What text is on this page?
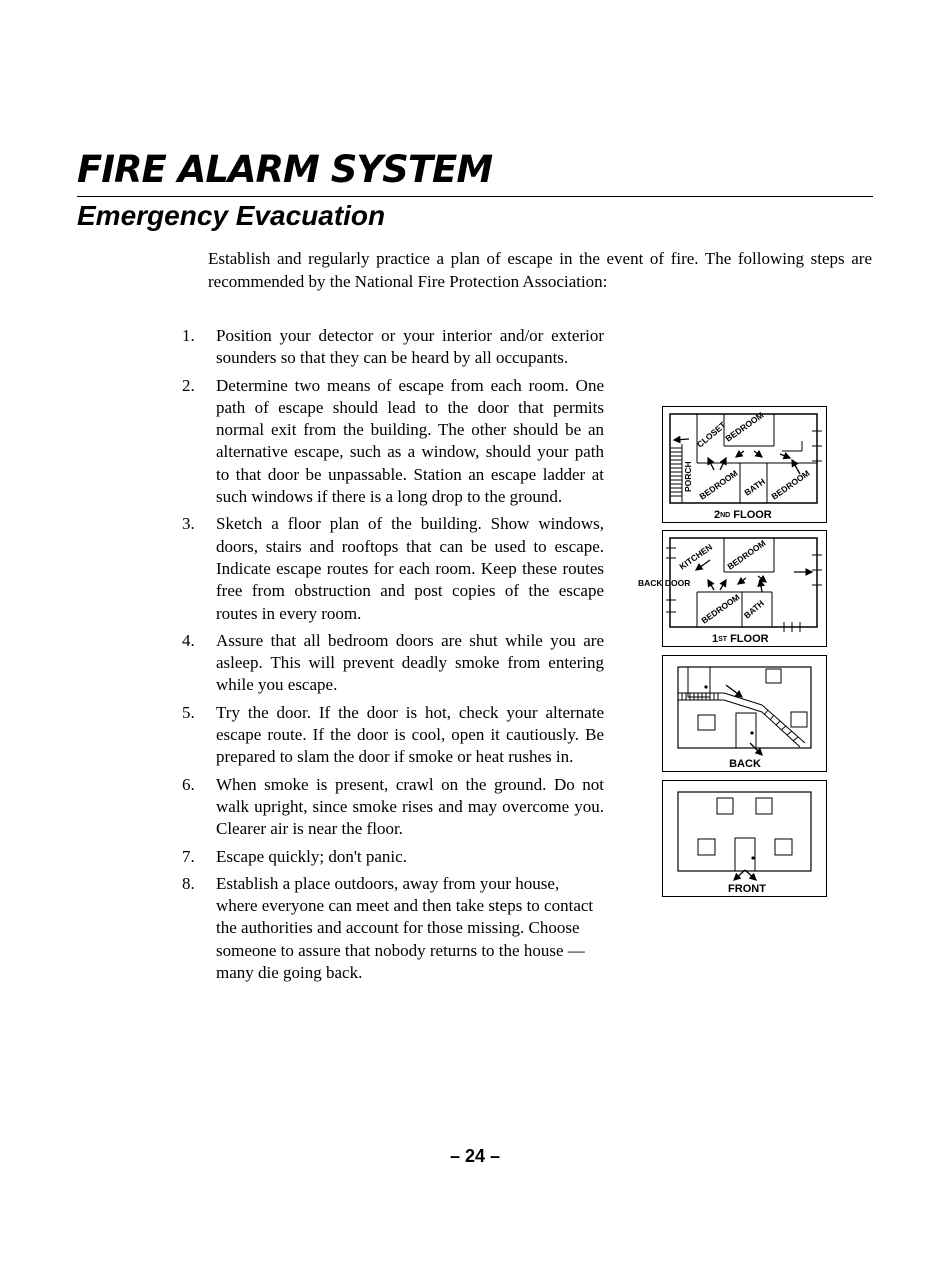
FIRE ALARM SYSTEM
Emergency Evacuation

Establish and regularly practice a plan of escape in the event of fire. The following steps are recommended by the National Fire Protection Association:

1. Position your detector or your interior and/or exterior sounders so that they can be heard by all occupants.
2. Determine two means of escape from each room. One path of escape should lead to the door that permits normal exit from the building. The other should be an alternative escape, such as a window, should your path to that door be unpassable. Station an escape ladder at such windows if there is a long drop to the ground.
3. Sketch a floor plan of the building. Show windows, doors, stairs and rooftops that can be used to escape. Indicate escape routes for each room. Keep these routes free from obstruction and post copies of the escape routes in every room.
4. Assure that all bedroom doors are shut while you are asleep. This will prevent deadly smoke from entering while you escape.
5. Try the door. If the door is hot, check your alternate escape route. If the door is cool, open it cautiously. Be prepared to slam the door if smoke or heat rushes in.
6. When smoke is present, crawl on the ground. Do not walk upright, since smoke rises and may overcome you. Clearer air is near the floor.
7. Escape quickly; don't panic.
8. Establish a place outdoors, away from your house, where everyone can meet and then take steps to contact the authorities and account for those missing. Choose someone to assure that nobody returns to the house — many die going back.
CLOSET
BEDROOM
PORCH BEDROOM BATH BEDROOM
2ND FLOOR
KITCHEN BEDROOM
BEDROOM BATH
BACK DOOR
1ST FLOOR
BACK
FRONT
– 24 –
